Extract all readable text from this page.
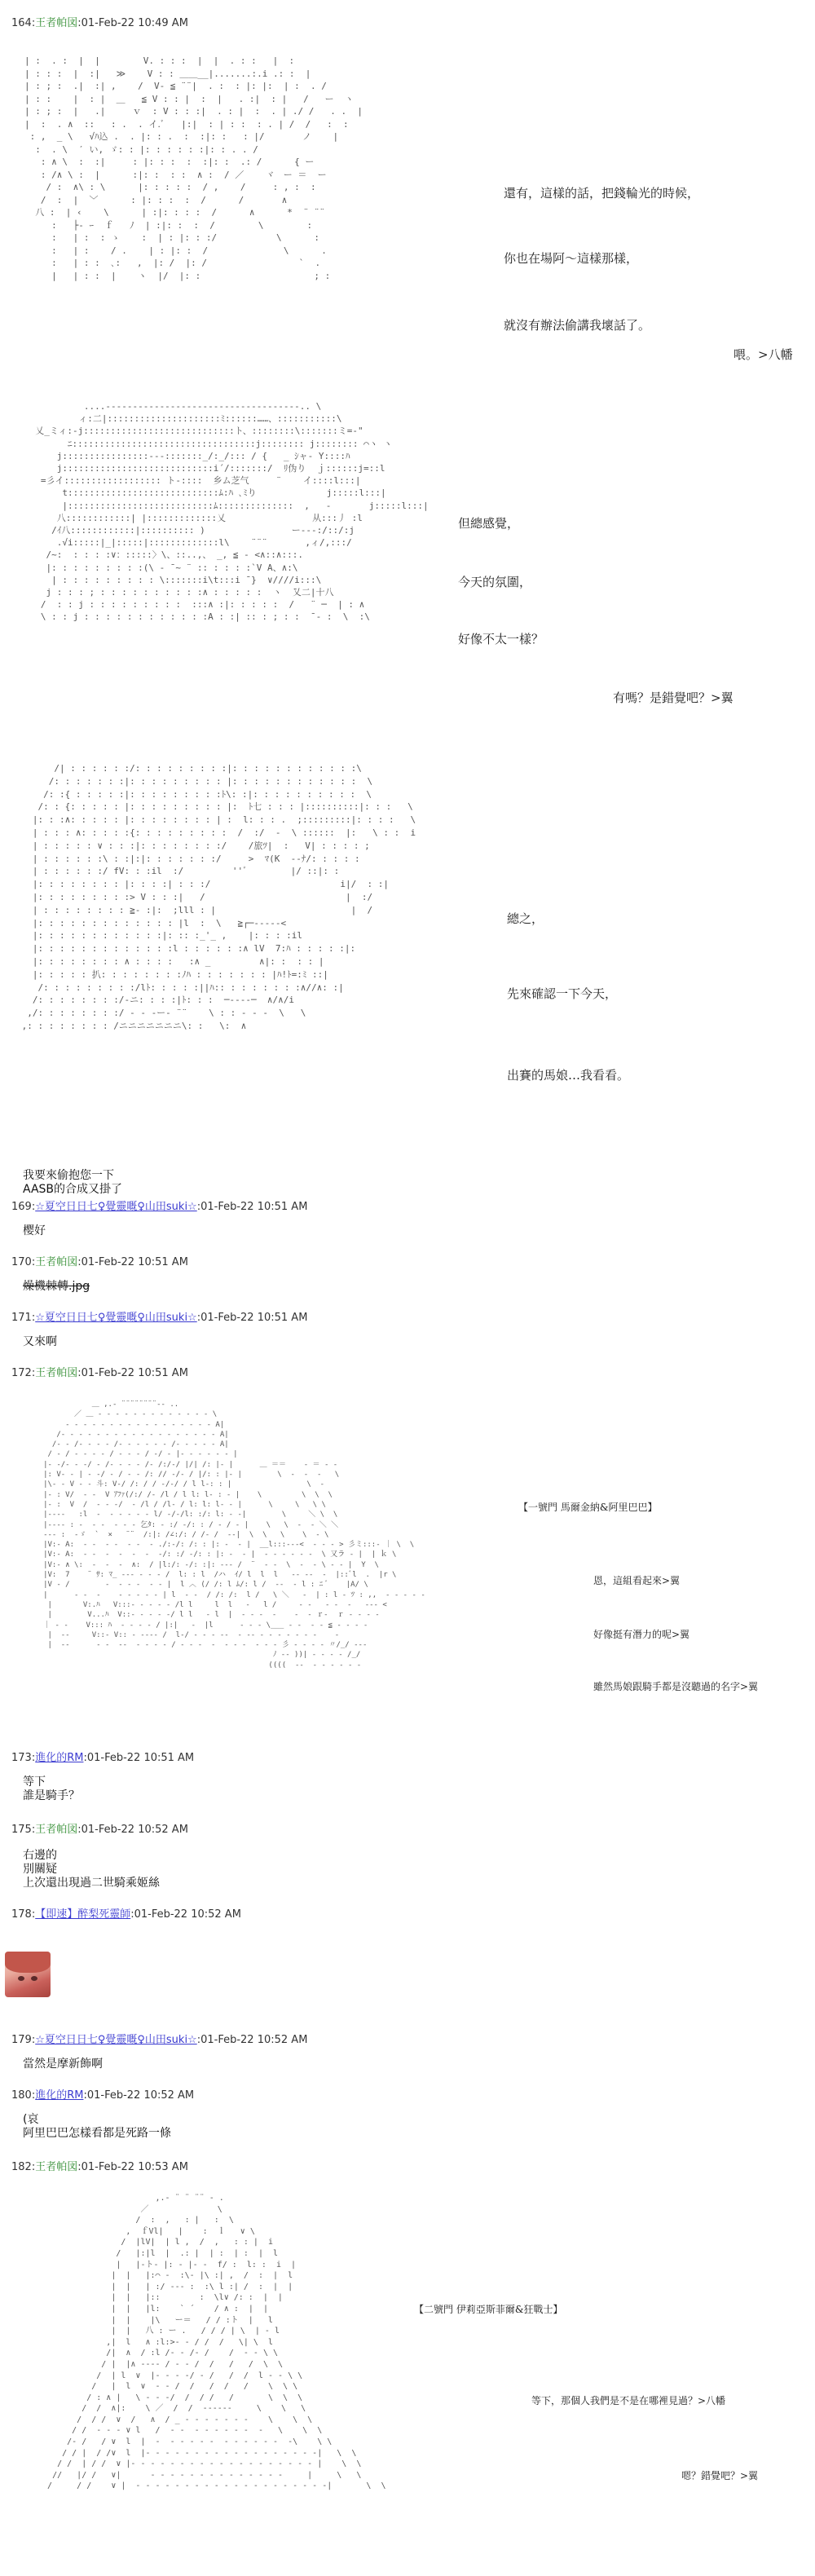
164:王者帕図:01-Feb-22 10:49 AM
| :  . :  |  |        V. : : :  |  |  . : :   |  :
| : : :  |  :|   ≫    V : : ＿＿__|.......:.i .: :  |
| : ; :  .|  :| ,    /  V- ≦ ¨¨|  . :  : |: |:  | :  . /
| : :    |  : |  ＿   ≦ V : : |  :  |   . :|  : |   /   ー  ヽ
| : ; :  |   .|     ｖ  : V : : :|  . : |  :  . | ./ /   . .  |
|  :  . ∧  ::   : .  . イ.ﾞ   |:|  : | : :  : . | /  /   :  :
: ,  _ \   √ﾊ込 .  . |: : .  :  :|: :   : |/       ノ    |
:  . \  ′ い, ゞ: : |: : : : : :|: : . . /
: ∧ \  :  :|     : |: : :  :  :|: :  .: /      { ー
: /∧ \ :  |      :|: :  : :  ∧ :  / ／    ヾ　ー ＝  ー
/ :  ∧\ : \      |: : : : :  / ,    /     : , :  :
/  :  |  ﹀      : |: : :  :  /      /       ∧
八 :  | ‹    \      | :|: : : :  /      ∧      *  ¨ ¨¨
:   ├- ｰ  ｆ   ﾉ  | :|: :  :  /        \        :
:   | :  : ゝ    :  | : |: : :/           \      :
:   | :    / .    | : |: :  /              \      .
:   | : :  ､:   ,  |: /  |: /                 `  .
|   | : :  |    ヽ  |/  |: :                     ; :
還有，這樣的話，把錢輪光的時候，
你也在場阿～這樣那樣，
就沒有辦法偷講我壞話了。
喂。>八幡
....-‐‐‐‐‐‐‐‐‐‐‐‐‐‐‐‐‐‐‐‐‐‐‐‐‐‐‐‐‐‐‐‐‐‐‐.. \
ィ:二|:::::::::::::::::::::ﾐ::::::……、:::::::::::\
乂_ミィ:-j::::::::::::::::::::::::::::ト、::::::::\:::::::ミ=-"
ﾆ::::::::::::::::::::::::::::::::::j:::::::: j:::::::: ⌒ヽ ヽ
j::::::::::::::::-‐-:::::::_/:_/::: / {   _ ｼャ‐ Y::::ﾊ
j::::::::::::::::::::::::::::i´/:::::::/  ﾘ伪り  ｊ::::::j=::l
=彡イ:::::::::::::::::: ト-::::  乡ム芝气     ¨    イ::::l:::|
t::::::::::::::::::::::::::::ﾑ:ﾊ ､ﾐり             j:::::l:::|
|:::::::::::::::::::::::::::ﾑ::::::::::::::  ,   ‐       j:::::l:::|
八::::::::::::| |:::::::::::::乂                从:::丿 :l
/ｲ八::::::::::::|:::::::::: )                ー--‐:/::/:j
.√i:::::|_|:::::|:::::::::::::l\    ¨¨¨       ,ィ/,:::/
/~:  : : : :∨：:::::〉\、::..,、 _, ≦ - <∧::∧:::.
|: : : : : : : : :(\ ‐ ̄ ~ ¨ :: : : : :`V A、∧:\
| : : : : : : : : : \:::::::i\t:::i ̄ }  ∨////i:::\
j : : : ; : : : : : : : : : :∧ : : : : :  ヽ  ̄乂二|十八
/  : : j : : : : : : : : :  :::∧ :|: : : : :  /   ¨ ─  | : ∧
\ : : j : : : : : : : : : : : :A : :| :: : ; : :  ̄ ‐ :  \  :\
但總感覺，
今天的氛圍，
好像不太一樣？
有嗎？是錯覺吧？>翼
/| : : : : : :/: : : : : : : : :|: : : : : : : : : : : :\
/: : : : : : :|: : : : : : : : : |: : : : : : : : : : : :  \
/: :{ : : : : :|: : : : : : : : :ﾄ\: :|: : : : : : : : : :  \
/: : {: : : : : |: : : : : : : : : |:  ﾄ七 : : : |::::::::::|: : :   \
|: : :∧: : : : : |: : : : : : : : | :  l: : : .  ;:::::::::|: : : :   \
| : : : ∧: : : : :{: : : : : : : : :  /  :/  ‐  \ ::::::  |:   \ : :  i
| : : : : : ∨ : : :|: : : : : : : :/    /旅ﾂ|  :   V| : : : : ;
| : : : : : :\ : :|:|: : : : : : :/     >  ﾏ(K  ‐-ﾅ/: : : : :
| : : : : : :/ fV: : :il  :/         ''ﾞ        |/ ::|: :
|: : : : : : : : |: : : :| : : :/                        i|/  : :|
|: : : : : : : : :> V : : :|   /                          |  :/
| : : : : : : : : ≧‐ :|:  ;lll : |                         |  /
|: : : : : : : : : : : : : |l  :  \   ≧┌─‐‐‐‐‐<
|: : : : : : : : : : : :|: :: :_'_ ,    |: : : :il
|: : : : : : : : : : : : :l : : : : : :∧ lV  7:ﾊ : : : : :|:
|: : : : : : : : ∧ : : : :   :∧ _         ∧|: :  : : |
|: : : : : 扒: : : : : : : :ﾉﾊ : : : : : : : |ﾊ!ﾄ=:ﾐ ::|
/: : : : : : : : :/lﾄ: : : : :||ﾊ:: : : : : : : :∧//∧: :|
/: : : : : : : :/‐ニ: : : :|ﾄ: : :  ─‐‐‐‐─  ∧/∧/i
,/: : : : : : : :/ ‐ ‐ ‐ー‐ ¨¨    \ : : ‐ ‐ ‐  \   \
,: : : : : : : : /ニニニニニニニ\: :   \:  ∧
總之，
先來確認一下今天，
出賽的馬娘…我看看。
我要來偷抱您一下
AASB的合成又掛了
169:☆夏空日日七♀覺靈嘅♀山田suki☆:01-Feb-22 10:51 AM
樱好
170:王者帕図:01-Feb-22 10:51 AM
燥機棘轉.jpg
171:☆夏空日日七♀覺靈嘅♀山田suki☆:01-Feb-22 10:51 AM
又來啊
172:王者帕図:01-Feb-22 10:51 AM
＿ ,.‐ ¨¨¨¨¨¨¨¨‐- ..
／ ＿ ‐ ‐ ‐ ‐ ‐ ‐ ‐ ‐ ‐ ‐ ‐ ‐ ‐ \
‐ ‐ ‐ ‐ ‐ ‐ ‐ ‐ ‐ ‐ ‐ ‐ ‐ ‐ ‐ ‐ ‐ A|
/‐ ‐ ‐ ‐ ‐ ‐ ‐ ‐ ‐ ‐ ‐ ‐ ‐ ‐ ‐ ‐ ‐ ‐ A|
/‐ ‐ /‐ ‐ ‐ ‐ /‐ ‐ ‐ ‐ ‐ ‐ /‐ ‐ ‐ ‐ ‐ A|
/ ‐ / ‐ ‐ ‐ ‐ / ‐ ‐ ‐ / ‐/ ‐ |‐ ‐ ‐ ‐ ‐ ‐ |
|‐ ‐/‐ ‐ ‐/ ‐ /‐ ‐ ‐ ‐ /‐ /:/‐/ |/| /: |‐ |      ＿ ＝＝    ‐ ＝ ‐ ‐
|: V‐ ‐ | ‐ ‐/ ‐ / ‐ ‐ /: // ‐/‐ / |/: : |‐ |        \  ‐  ‐  ‐   \
|\‐ ‐ V ‐ ‐ 斗: V‐/ /: / / ‐/‐/ / l l‐: : |                 \  ‐
|‐ : V/  ‐ ‐  V ｱﾌｧ(/:/ /‐ /l / l l: l‐ : ‐ |    \         \  \  \
|‐ :  V  /  ‐ ‐ ‐/  ‐ /l / /l‐ / l: l: l‐ ‐ |      \     \   \ \
|‐‐‐‐   :l  ‐  ‐ ‐ ‐ ‐ ‐ l/ ‐/‐/l: :/: l: ‐ ‐|        \     ＼ \  \
|‐‐‐‐ : ‐  ‐ ‐  ‐ ‐ ‐ 乞ﾀ: ‐ :/ ‐/: : / ‐ / ‐ |    \   \  ‐  ‐ ＼ ＼
‐‐‐ :  ‐ゞ  `  ×   ¨¨  /:|: /∠:/: / /‐ /  ‐‐|  \  \   \    \  ‐ \
|V:‐ A:  ‐ ‐  ‐ ‐  ‐ ‐  ‐ ./:‐/: /: : |: ‐  ‐ |  __l:::‐‐‐<  ‐ ‐ ‐ > 彡ミ:::‐ ｜ \  \
|V:‐ A:  ‐ ‐  ‐  ‐  ‐  ‐  ‐/: :/ ‐/: : |: ‐  ‐ |  ‐ ‐ ‐ ‐ ‐ ‐  \ 又ラ ‐ |  | ｋ \
|V:‐ ∧ \:  ‐  ‐  ‐  ∧:  / |l:/: ‐/: :|: ‐‐‐ /  ¨  ‐ ‐  \  ‐  ‐ \ ‐ ‐ |  Y  \
|V:  7    ¨ ｻ: ﾏ_ ‐‐‐ ‐ ‐ ‐ /  l: : l  /ハ  ｲ/ l  l  l   ‐‐ ‐‐  ‐  |::ﾞl  .  |r \
|V ‐ /        ‐  ‐ ‐ ‐  ‐ ‐ |  l ︿ (/ /: l ﾑ/: l /  ‐‐  ‐ l : ﾆ ﾞ    |A/ \
|      ‐ ‐  ‐    ‐ ‐ ‐ ‐ ‐ | l  ‐ ‐  / /: /:  l /   \ ＼   ‐  | : l ‐ ﾂ : ,,  ‐ ‐ ‐ ‐ ‐
|       V:.ﾊ   V:::‐ ‐ ‐ ‐ ‐ /l l     l  l   ‐   l /     ‐ ‐   ‐ ‐  ‐   ‐‐‐ <
|        V...ﾊ  V::‐ ‐ ‐ ‐ ‐/ l l   ‐ l  |  ‐ ‐ ‐  ‐    ‐  ‐ ｒ‐  ｒ ‐ ‐ ‐ ‐
｜ ‐ ‐    V::: ﾊ  ‐ ‐ ‐ ‐ / |:|   ‐  |l      ‐ ‐ ‐ \___ ‐ ‐  ‐ ‐ ≦ ‐ ‐ ‐ ‐
|  ‐‐     V::‐ V:: ‐ ‐‐‐‐ /  l‐/ ‐ ‐ ‐ ‐‐  ‐ ‐‐ ‐ ‐ ‐ ‐ ‐ ‐ ‐    ‐
|  ‐‐      ‐ ‐  ‐‐  ‐ ‐ ‐ ‐ / ‐ ‐ ‐  ‐  ‐ ‐ ‐  ‐ ‐ ‐ 彡 ‐ ‐ ‐ ‐ 〃/_/ ‐‐‐
ﾉ ‐‐ ))| ‐ ‐ ‐ ‐ /_/
((((  ‐‐  ‐ ‐ ‐ ‐ ‐ ‐
【一號門 馬爾金納&阿里巴巴】
恩，這組看起來>翼
好像挺有潛力的呢>翼
雖然馬娘跟騎手都是沒聽過的名字>翼
173:進化的RM:01-Feb-22 10:51 AM
等下
誰是騎手？
175:王者帕図:01-Feb-22 10:52 AM
右邊的
別關疑
上次還出現過二世騎乘姬絲
178:【即速】醉梨死靈師:01-Feb-22 10:52 AM
179:☆夏空日日七♀覺靈嘅♀山田suki☆:01-Feb-22 10:52 AM
當然是摩新飾啊
180:進化的RM:01-Feb-22 10:52 AM
(哀
阿里巴巴怎樣看都是死路一條
182:王者帕図:01-Feb-22 10:53 AM
,.‐ ¨ ¨ ¨¨ ‐ .
／              \
/  :  ,   : |   :  \
,  ｆVl|   |    :  ｌ   ∨ \
/  |lV|  | l ,  /  ,   : : |  i
/   |:|l  |  .: |  | :  | :  |  l
|   |‐ト‐ |: ‐ |‐ ‐  f/ :  l: :  i  |
|  |   |:⌒ ‐  :\‐ |\ :| ,  /  :  |  l
|  |   | :/ ‐‐‐ :  :\ l :| /  :  |  |
|  |   |:: 　　 　 :  \l∨ /: :  |  |
|  |   |l:    ` ´    / ∧ :  |  |
|  |    |\   ー＝   / / :ト  |   l
|  |   八 : ー .   / / / | \  | ‐ l
,|  l   ∧ :l:>‐ ‐ / /  /   \| \  l
/|  ∧  / :l /‐ ‐ /‐ /    /  ‐ ‐ \ \
/ |  |∧ ‐‐‐‐ / ‐ ‐ /  /   /   /  \  \
/  | l  ∨  |‐ ‐ ‐ ‐/ ‐ /   /  /  l ‐ ‐ \ \
/   |  l  ∨  ‐ ‐ /  /   /  /   /    \  \ \
/ : ∧ |   \ ‐ ‐ ‐/  /  / /   /       \  \  \
/  /  ∧|:    \ ／  /  /  ‐‐‐‐‐‐     \    \   \
/  / /  ∨  /   ∧  / _ ‐ ‐ ‐ ‐ ‐ ‐ ‐    \    \  \
/ /  ‐ ‐ ‐ ∨ l   /  ‐ ‐  ‐ ‐ ‐ ‐ ‐ ‐  ‐   \    \  \
/‐ /   / ∨  l  |  ‐  ‐ ‐ ‐ ‐ ‐  ‐ ‐ ‐ ‐ ‐ ‐  ‐\    \ \
/ / |  / /∨  l  |‐ ‐ ‐ ‐ ‐ ‐ ‐ ‐ ‐ ‐ ‐ ‐ ‐ ‐ ‐ ‐ ‐ ‐|   \  \
/ /  | / /  ∨ |‐ ‐ ‐ ‐ ‐ ‐ ‐ ‐ ‐ ‐ ‐ ‐ ‐ ‐ ‐ ‐ ‐ ‐ ‐ |    \  \
//   |/ /   ∨|      ‐ ‐ ‐ ‐ ‐ ‐ ‐ ‐ ‐ ‐ ‐ ‐ ‐ ‐     |     \   \
/     / /    ∨ |  ‐ ‐ ‐ ‐ ‐ ‐ ‐ ‐ ‐ ‐ ‐ ‐ ‐ ‐ ‐ ‐ ‐ ‐ ‐ ‐|       \  \
【二號門 伊莉亞斯菲爾&狂戰士】
等下，那個人我們是不是在哪裡見過？>八幡
嗯？錯覺吧？>翼
